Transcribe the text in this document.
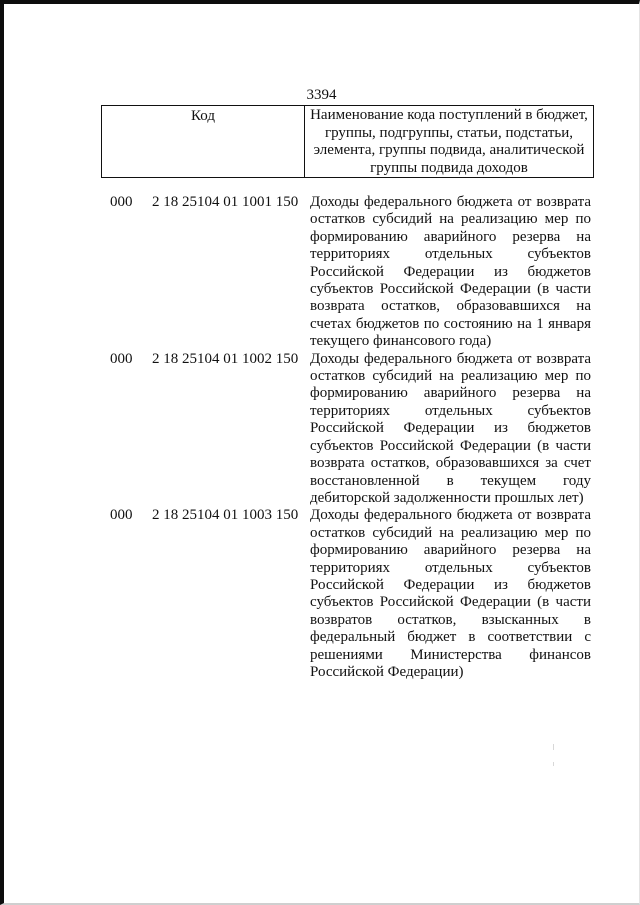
3394
Код	Наименование кода поступлений в бюджет, группы, подгруппы, статьи, подстатьи, элемента, группы подвида, аналитической группы подвида доходов
000	2 18 25104 01 1001 150 Доходы федерального бюджета от возврата остатков субсидий на реализацию мер по формированию аварийного резерва на территориях отдельных субъектов Российской Федерации из бюджетов субъектов Российской Федерации (в части возврата остатков, образовавшихся на счетах бюджетов по состоянию на 1 января текущего финансового года)
000	2 18 25104 01 1002 150 Доходы федерального бюджета от возврата остатков субсидий на реализацию мер по формированию аварийного резерва на территориях отдельных субъектов Российской Федерации из бюджетов субъектов Российской Федерации (в части возврата остатков, образовавшихся за счет восстановленной в текущем году дебиторской задолженности прошлых лет)
000	2 18 25104 01 1003 150 Доходы федерального бюджета от возврата остатков субсидий на реализацию мер по формированию аварийного резерва на территориях отдельных субъектов Российской Федерации из бюджетов субъектов Российской Федерации (в части возвратов остатков, взысканных в федеральный бюджет в соответствии с решениями Министерства финансов Российской Федерации)
